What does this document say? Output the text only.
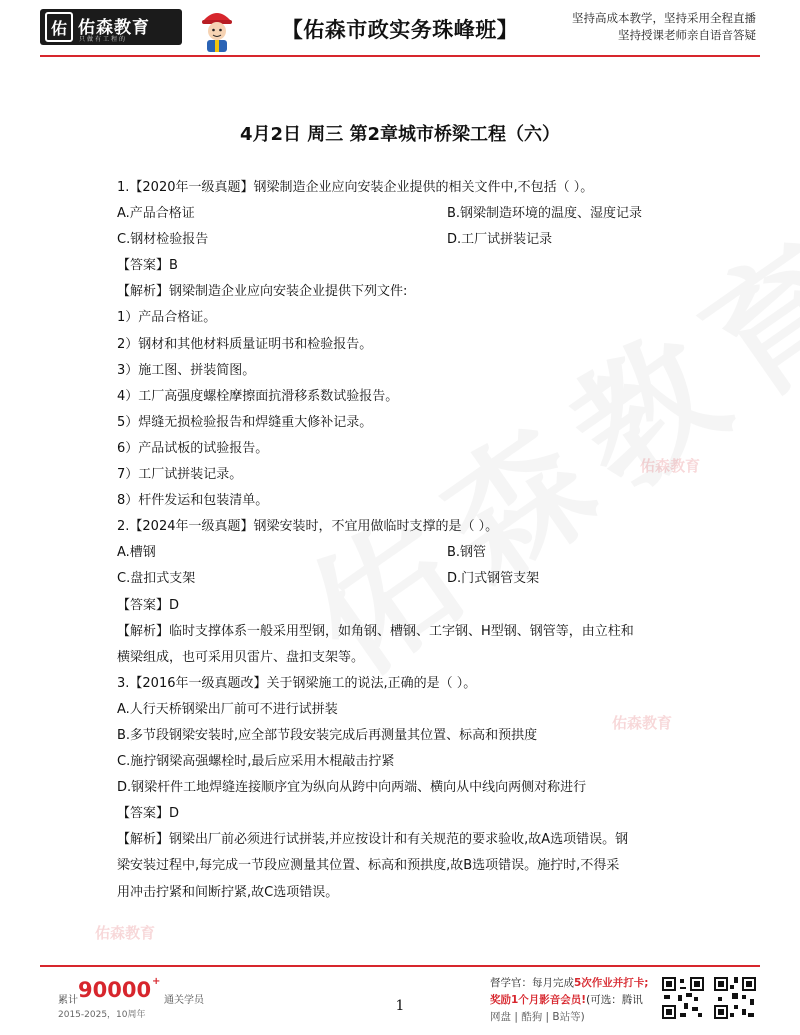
佑 佑森教育
只做有工程的	【佑森市政实务珠峰班】	坚持高成本教学，坚持采用全程直播
坚持授课老师亲自语音答疑
佑森教育
佑森教育
佑森教育
4月2日 周三 第2章城市桥梁工程（六）
1.【2020年一级真题】钢梁制造企业应向安装企业提供的相关文件中,不包括（ ）。
A.产品合格证	B.钢梁制造环境的温度、湿度记录
C.钢材检验报告	D.工厂试拼装记录
【答案】B
【解析】钢梁制造企业应向安装企业提供下列文件:
1）产品合格证。
2）钢材和其他材料质量证明书和检验报告。
3）施工图、拼装简图。
4）工厂高强度螺栓摩擦面抗滑移系数试验报告。
5）焊缝无损检验报告和焊缝重大修补记录。
6）产品试板的试验报告。
7）工厂试拼装记录。
8）杆件发运和包装清单。
2.【2024年一级真题】钢梁安装时，不宜用做临时支撑的是（ ）。
A.槽钢	B.钢管
C.盘扣式支架	D.门式钢管支架
【答案】D
【解析】临时支撑体系一般采用型钢，如角钢、槽钢、工字钢、H型钢、钢管等，由立柱和
横梁组成，也可采用贝雷片、盘扣支架等。
3.【2016年一级真题改】关于钢梁施工的说法,正确的是（ ）。
A.人行天桥钢梁出厂前可不进行试拼装
B.多节段钢梁安装时,应全部节段安装完成后再测量其位置、标高和预拱度
C.施拧钢梁高强螺栓时,最后应采用木棍敲击拧紧
D.钢梁杆件工地焊缝连接顺序宜为纵向从跨中向两端、横向从中线向两侧对称进行
【答案】D
【解析】钢梁出厂前必须进行试拼装,并应按设计和有关规范的要求验收,故A选项错误。钢
梁安装过程中,每完成一节段应测量其位置、标高和预拱度,故B选项错误。施拧时,不得采
用冲击拧紧和间断拧紧,故C选项错误。
累计 90000 +
通关学员
2015-2025，10周年
1
督学官：每月完成5次作业并打卡;
奖励1个月影音会员!(可选：腾讯
网盘 | 酷狗 | B站等)
